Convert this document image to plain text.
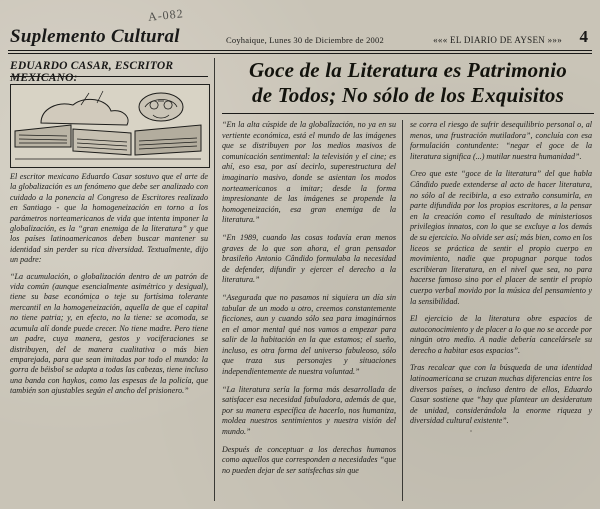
A-082
Suplemento Cultural	Coyhaique, Lunes 30 de Diciembre de 2002	««« EL DIARIO DE AYSEN »»» 4
EDUARDO CASAR, ESCRITOR MEXICANO:	Goce de la Literatura es Patrimonio
de Todos; No sólo de los Exquisitos

El escritor mexicano Eduardo Casar sostuvo que el arte de la globalización es un fenómeno que debe ser analizado con cuidado a la ponencia al Congreso de Escritores realizado en Santiago - que la homogeneización en torno a los parámetros norteamericanos de vida que intenta imponer la globalización, es la “gran enemiga de la literatura” y que los países latinoamericanos deben buscar mantener su identidad sin perder su rica diversidad. Textualmente, dijo un padre:

“La acumulación, o globalización dentro de un patrón de vida común (aunque esencialmente asimétrico y desigual), tiene su base económica o teje su fortísima tolerante mercantil en la homogeneización, aquella de que el capital no tiene patria; y, en efecto, no la tiene: se acomoda, se acumula alí donde puede crecer. No tiene madre. Pero tiene un padre, cuya manera, gestos y vociferaciones se distribuyen, del de manera cualitativa o más bien emparejada, para que sean imitadas por todo el mundo: la gorra de béisbol se adapta a todas las cabezas, tiene incluso una banda con haykos, como las espesas de la policía, que también son ajustables según el ancho del prisionero.”

“En la alta cúspide de la globalización, no ya en su vertiente económica, está el mundo de las imágenes que se distribuyen por los medios masivos de comunicación sentimental: la televisión y el cine; es ahí, eso esa, por así decirlo, superestructura del imaginario masivo, donde se asientan los modos norteamericanos a imitar; desde la forma impresionante de las imágenes se propende la homogeneización, esa gran enemiga de la literatura.”

“En 1989, cuando las cosas todavía eran menos graves de lo que son ahora, el gran pensador brasileño Antonio Cândido formulaba la necesidad de defender, difundir y ejercer el derecho a la literatura.”

“Asegurada que no pasamos ni siquiera un día sin tabular de un modo u otro, creemos constantemente ficciones, aun y cuando sólo sea para imaginárnos en el amor mental qué nos vamos a empezar para salir de la habitación en la que estamos; el sueño, incluso, es otra forma del universo fabuleoso, sólo que traza sus personajes y situaciones independientemente de nuestra voluntad.”

“La literatura sería la forma más desarrollada de satisfacer esa necesidad fabuladora, además de que, por su manera específica de hacerlo, nos humaniza, moldea nuestros sentimientos y nuestra visión del mundo.”

Después de conceptuar a los derechos humanos como aquellos que corresponden a necesidades “que no pueden dejar de ser satisfechas sin que

se corra el riesgo de sufrir desequilibrio personal o, al menos, una frustración mutiladora”, concluía con esa formulación contundente: “negar el goce de la literatura significa (...) mutilar nuestra humanidad”.

Creo que este “goce de la literatura” del que habla Cândido puede extenderse al acto de hacer literatura, no sólo al de recibirla, a eso extraño consumirla, en parte difundida por los propios escritores, a la pensar en la creación como el resultado de ministeriosos privilegios innatos, con lo que se excluye a los demás de su ejercicio. No olvide ser así; más bien, como en los liceos se práctica de sentir el propio cuerpo en movimiento, nadie que propugnar porque todos escribieran literatura, en el nivel que sea, no para hacerse famoso sino por el placer de sentir el propio cuerpo verbal movido por la música del pensamiento y la sensibilidad.

El ejercicio de la literatura obre espacios de autoconocimiento y de placer a lo que no se accede por ningún otro medio. A nadie debería cancelársele su derecho a habitar esos espacios”.

Tras recalcar que con la búsqueda de una identidad latinoamericana se cruzan muchas diferencias entre los diversos países, o incluso dentro de ellos, Eduardo Casar sostiene que “hay que plantear un desideratum de unidad, considerándola la enorme riqueza y diversidad cultural existente”.
